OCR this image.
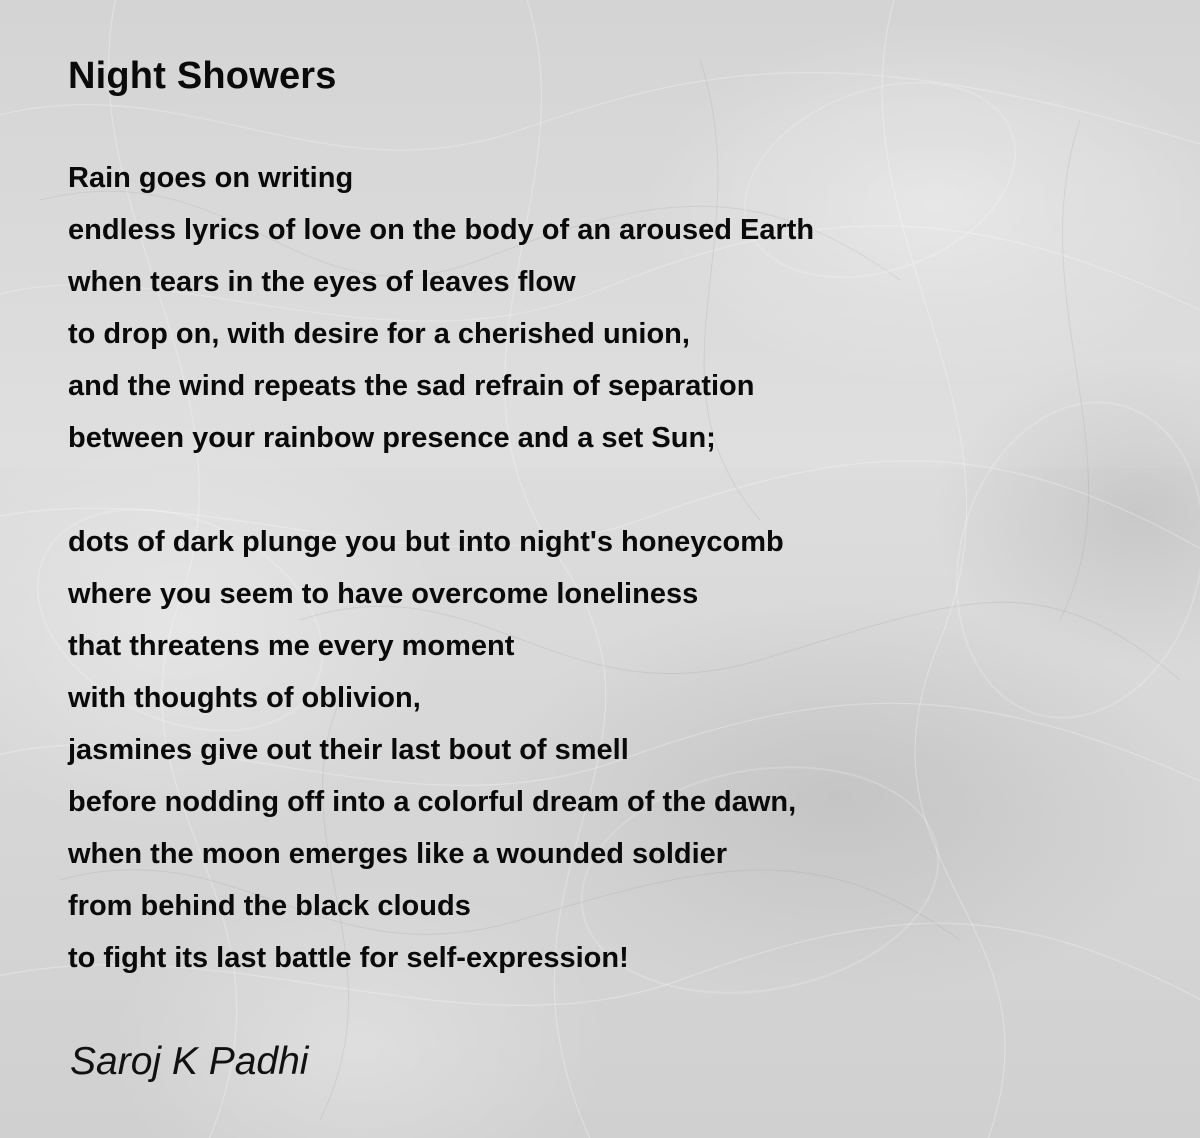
Night Showers

Rain goes on writing
endless lyrics of love on the body of an aroused Earth
when tears in the eyes of leaves flow
to drop on, with desire for a cherished union,
and the wind repeats the sad refrain of separation
between your rainbow presence and a set Sun;

dots of dark plunge you but into night's honeycomb
where you seem to have overcome loneliness
that threatens me every moment
with thoughts of oblivion,
jasmines give out their last bout of smell
before nodding off into a colorful dream of the dawn,
when the moon emerges like a wounded soldier
from behind the black clouds
to fight its last battle for self-expression!

Saroj K Padhi
